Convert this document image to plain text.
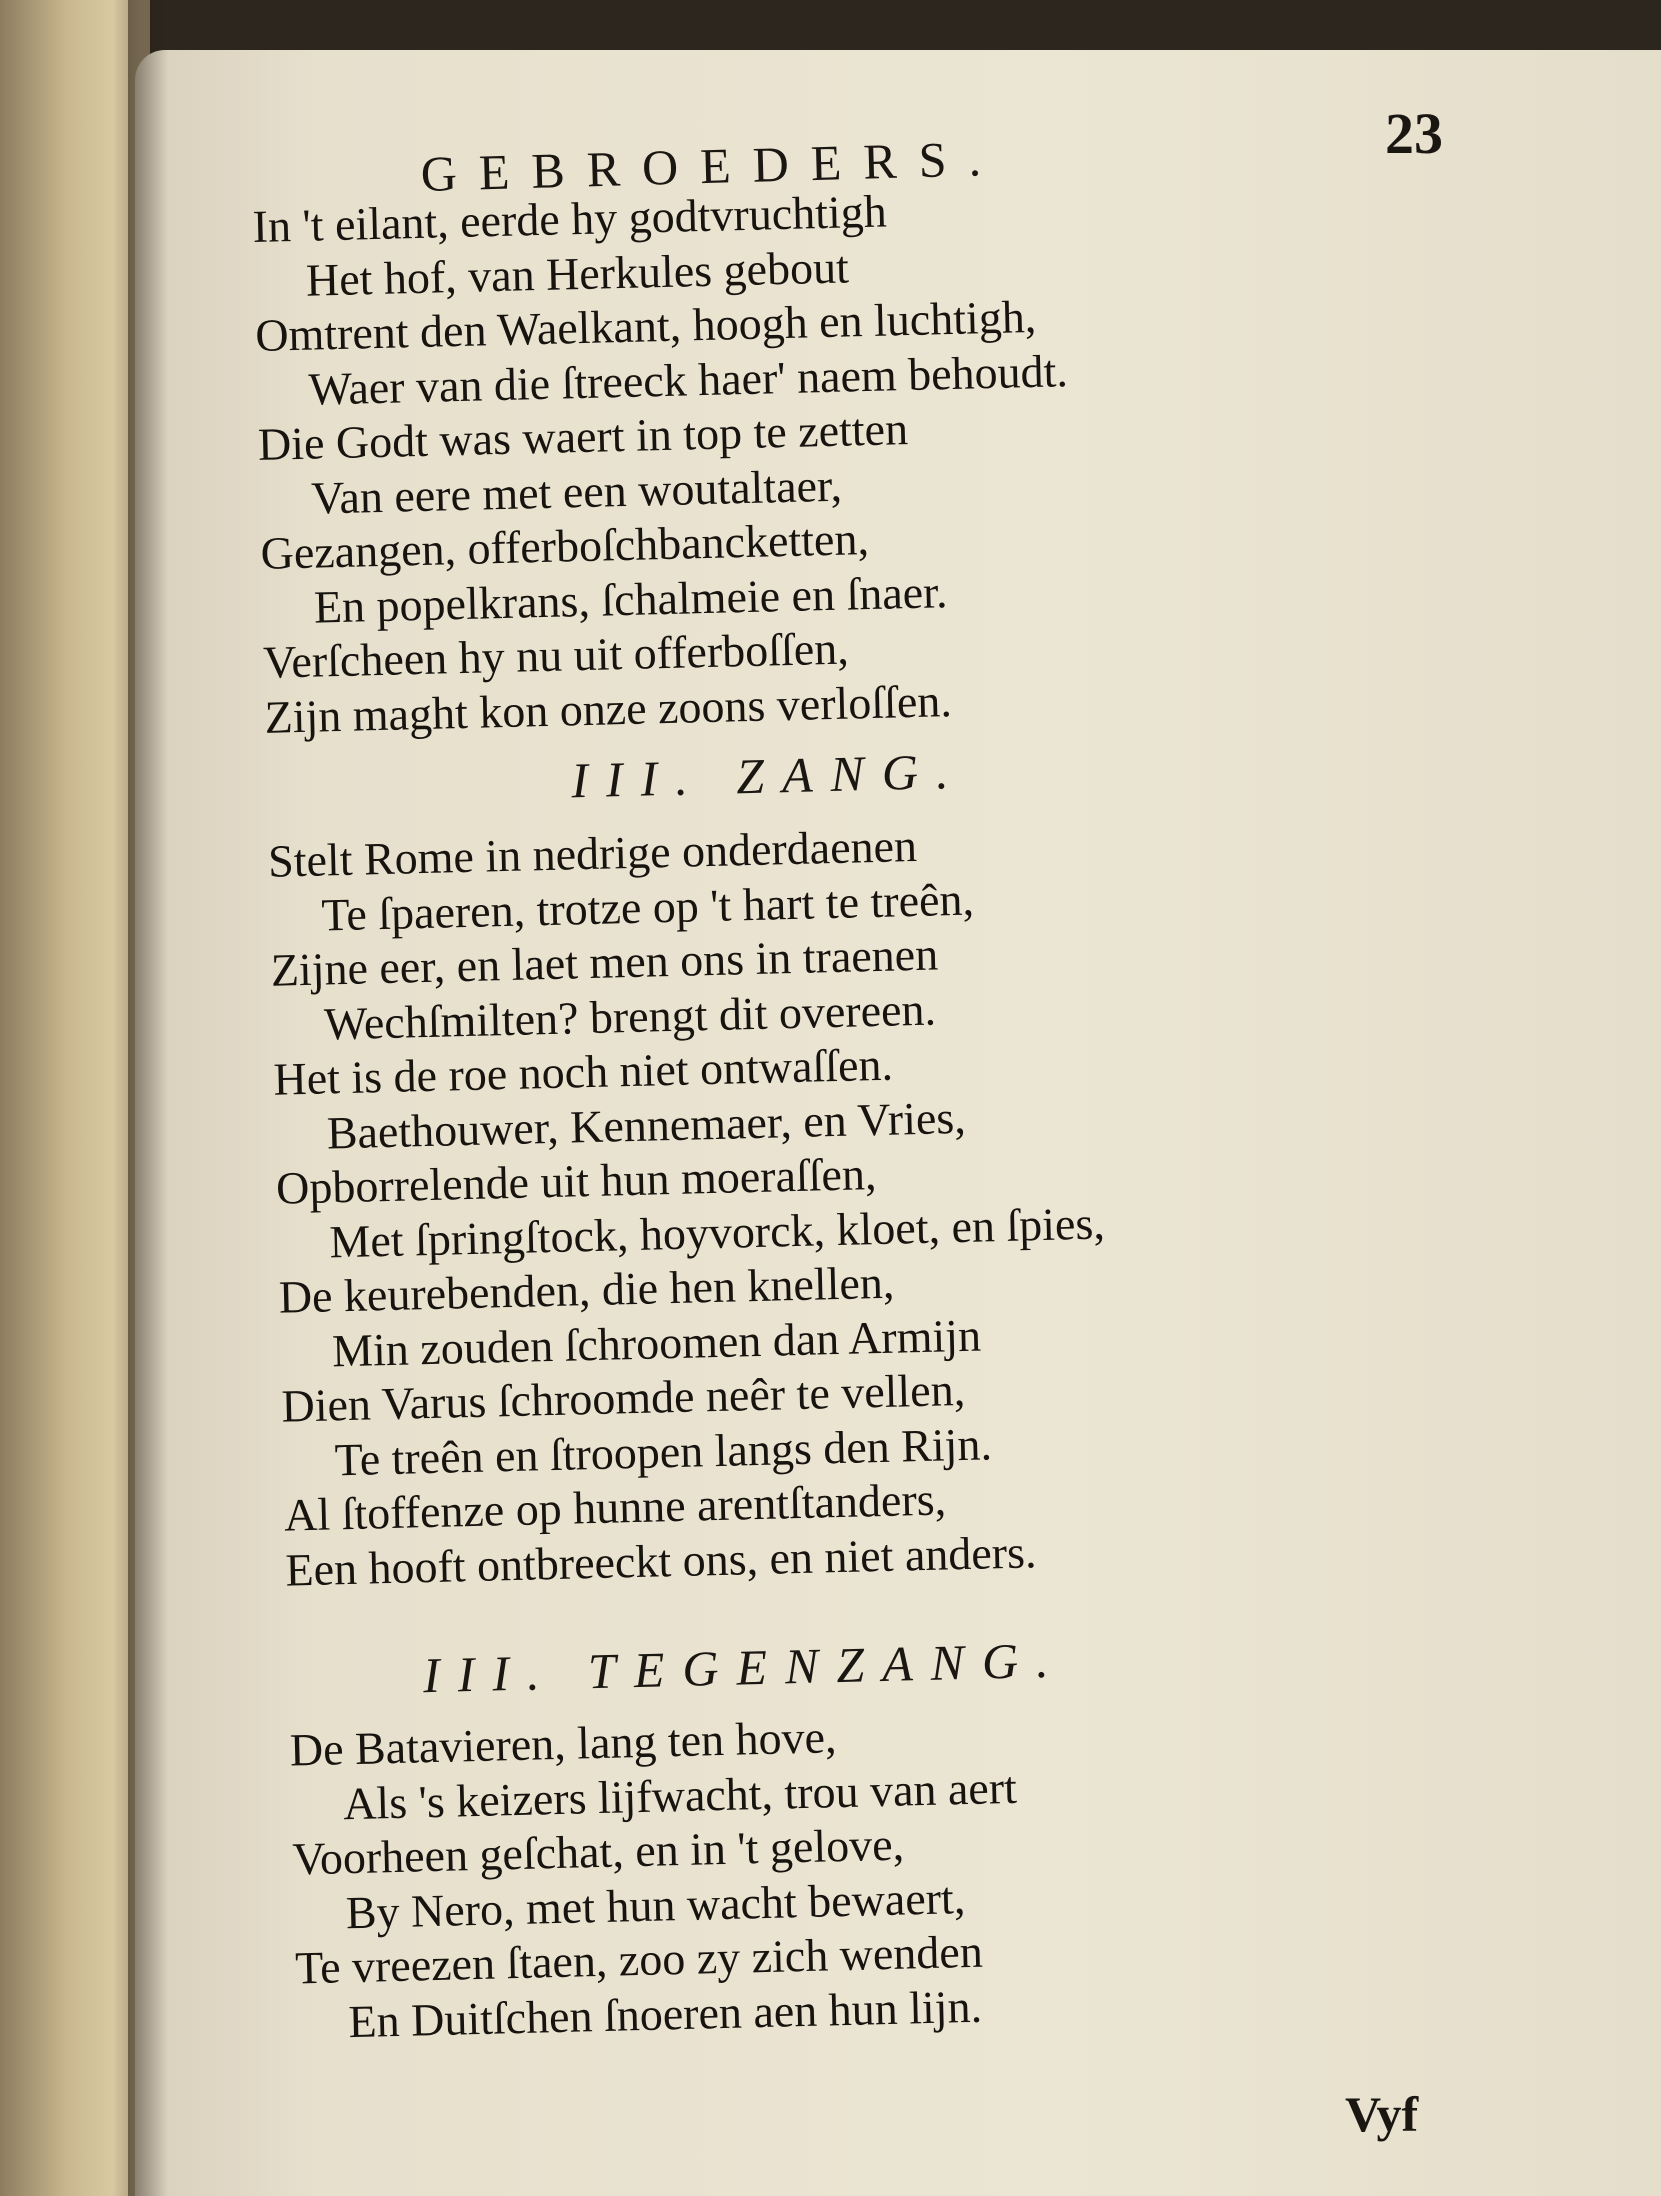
23
GEBROEDERS.
In 't eilant, eerde hy godtvruchtigh
Het hof, van Herkules gebout
Omtrent den Waelkant, hoogh en luchtigh,
Waer van die ſtreeck haer' naem behoudt.
Die Godt was waert in top te zetten
Van eere met een woutaltaer,
Gezangen, offerboſchbancketten,
En popelkrans, ſchalmeie en ſnaer.
Verſcheen hy nu uit offerboſſen,
Zijn maght kon onze zoons verloſſen.
III. ZANG.
Stelt Rome in nedrige onderdaenen
Te ſpaeren, trotze op 't hart te treên,
Zijne eer, en laet men ons in traenen
Wechſmilten? brengt dit overeen.
Het is de roe noch niet ontwaſſen.
Baethouwer, Kennemaer, en Vries,
Opborrelende uit hun moeraſſen,
Met ſpringſtock, hoyvorck, kloet, en ſpies,
De keurebenden, die hen knellen,
Min zouden ſchroomen dan Armijn
Dien Varus ſchroomde neêr te vellen,
Te treên en ſtroopen langs den Rijn.
Al ſtoffenze op hunne arentſtanders,
Een hooft ontbreeckt ons, en niet anders.
III. TEGENZANG.
De Batavieren, lang ten hove,
Als 's keizers lijfwacht, trou van aert
Voorheen geſchat, en in 't gelove,
By Nero, met hun wacht bewaert,
Te vreezen ſtaen, zoo zy zich wenden
En Duitſchen ſnoeren aen hun lijn.
Vyf
